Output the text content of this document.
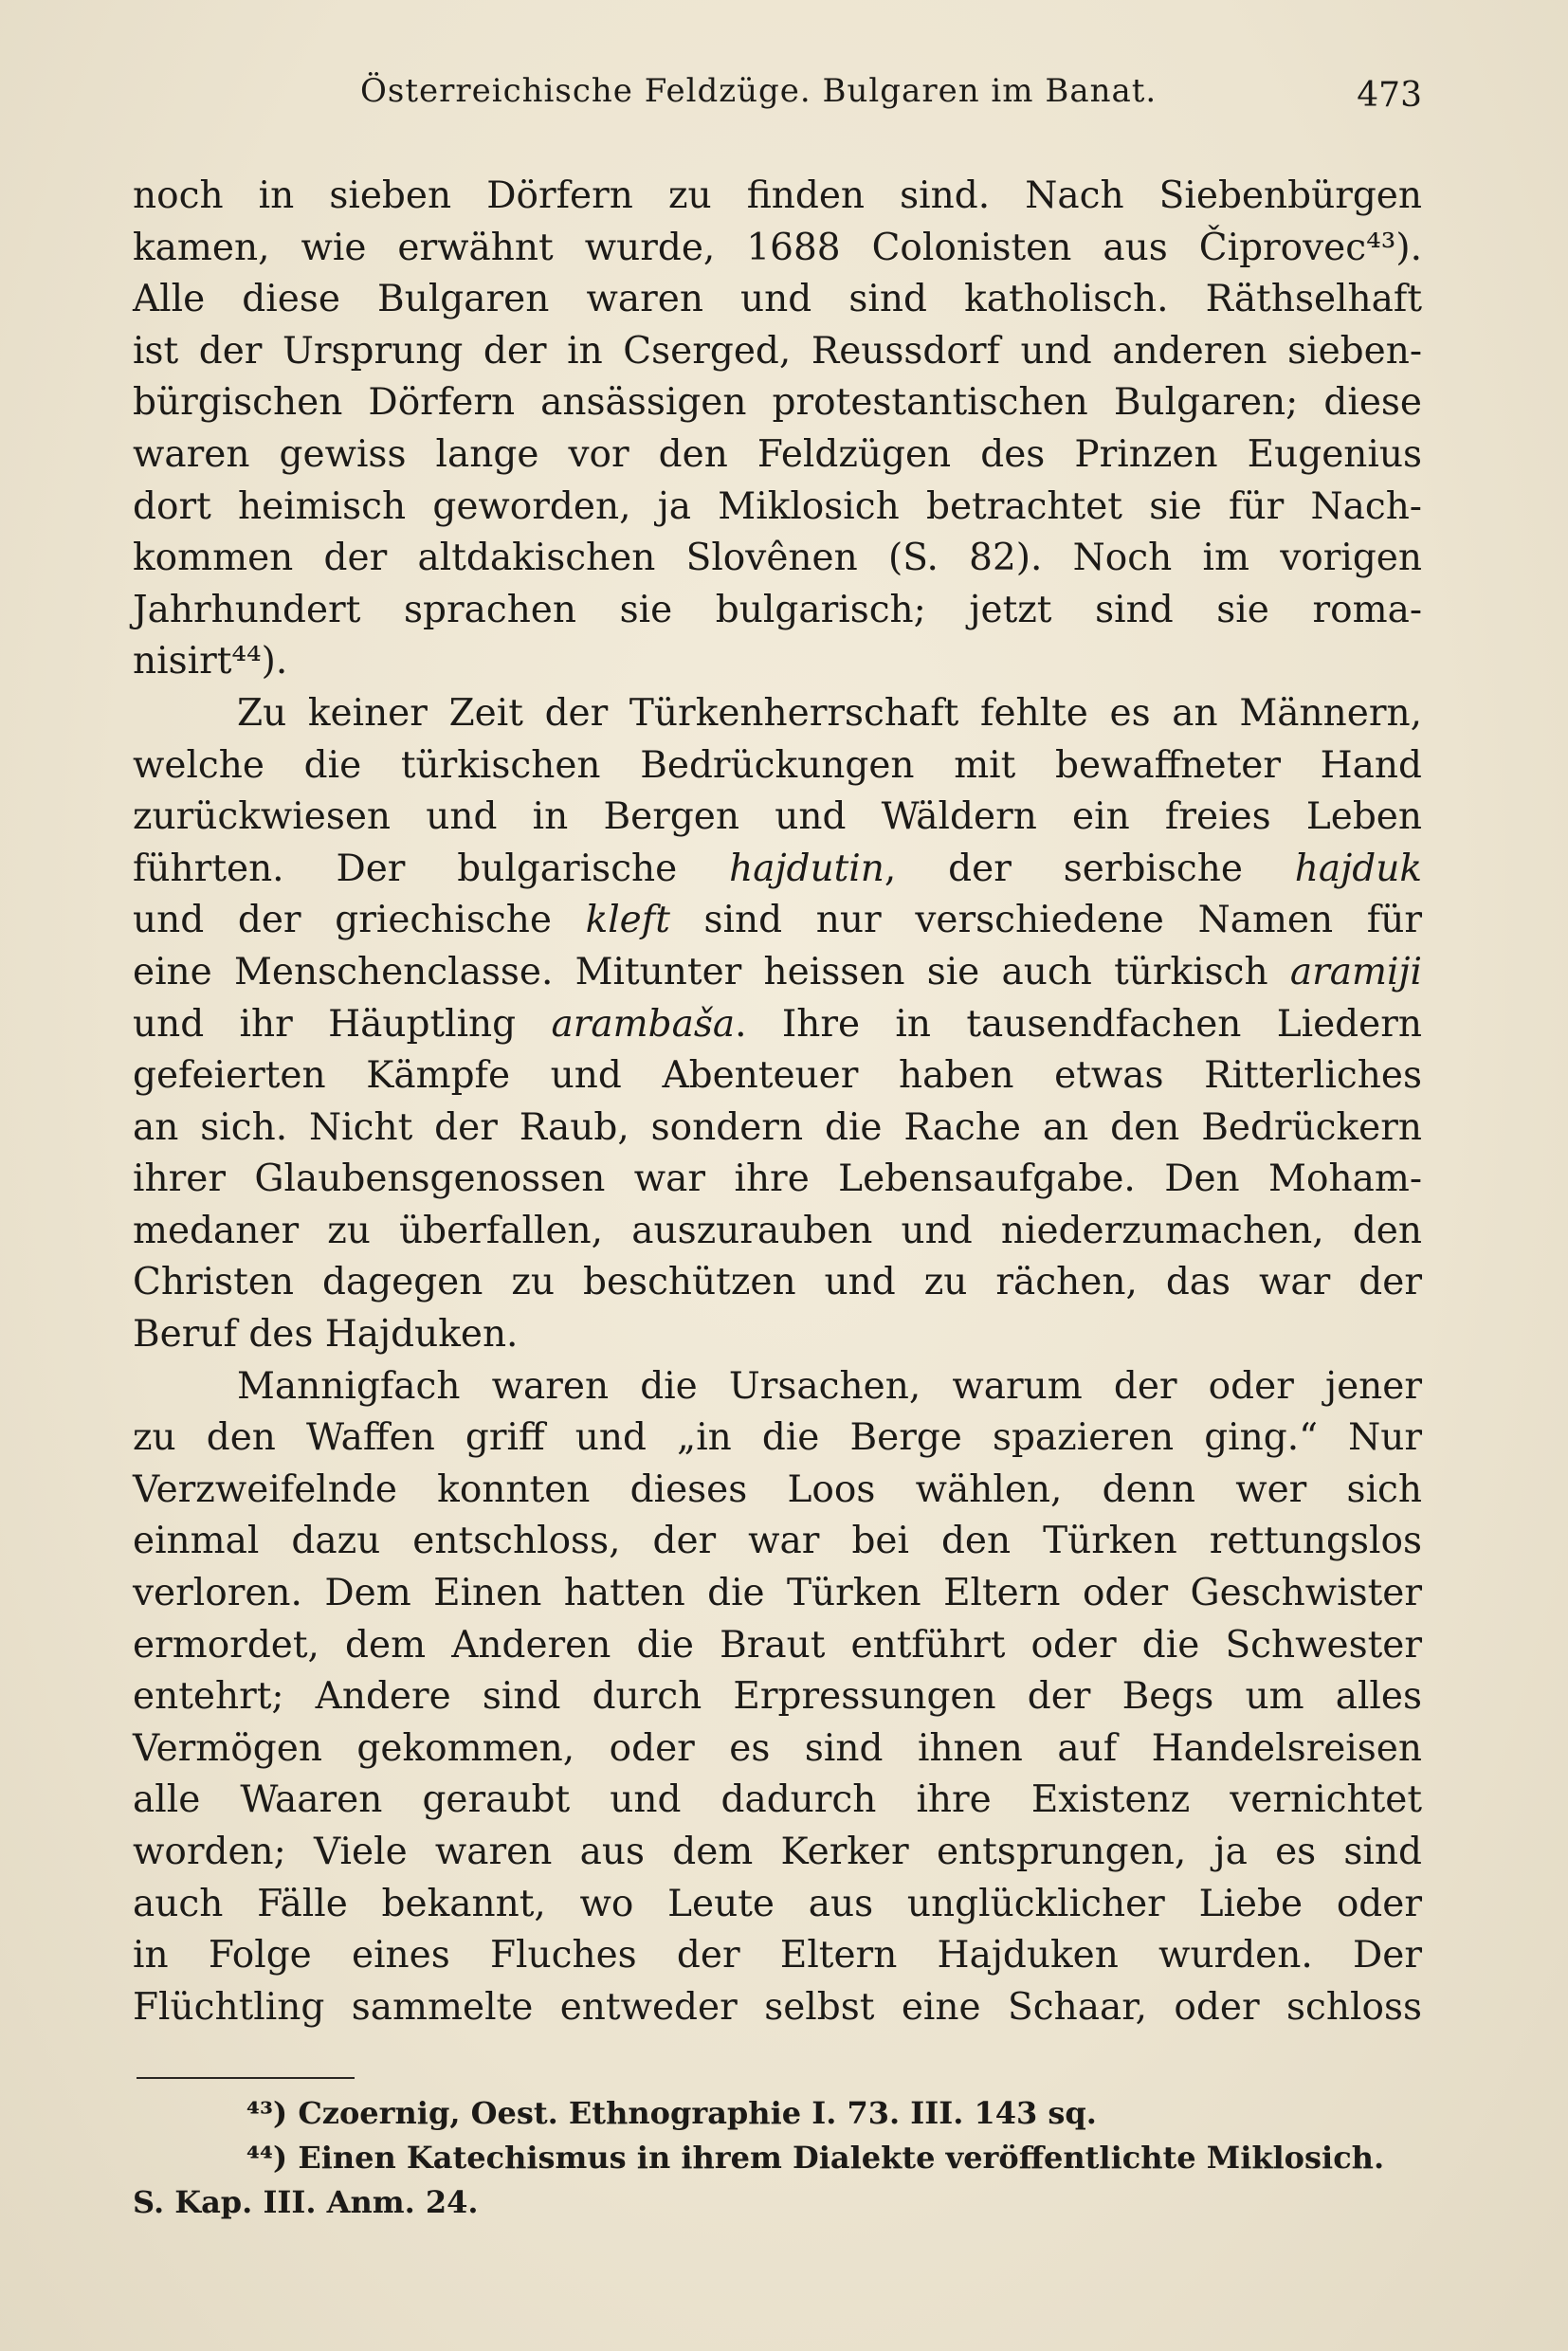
Österreichische Feldzüge. Bulgaren im Banat.	473

noch in sieben Dörfern zu finden sind. Nach Siebenbürgen

kamen, wie erwähnt wurde, 1688 Colonisten aus Čiprovec⁴³).

Alle diese Bulgaren waren und sind katholisch. Räthselhaft

ist der Ursprung der in Cserged, Reussdorf und anderen sieben-

bürgischen Dörfern ansässigen protestantischen Bulgaren; diese

waren gewiss lange vor den Feldzügen des Prinzen Eugenius

dort heimisch geworden, ja Miklosich betrachtet sie für Nach-

kommen der altdakischen Slovênen (S. 82). Noch im vorigen

Jahrhundert sprachen sie bulgarisch; jetzt sind sie roma-

nisirt⁴⁴).

Zu keiner Zeit der Türkenherrschaft fehlte es an Männern,

welche die türkischen Bedrückungen mit bewaffneter Hand

zurückwiesen und in Bergen und Wäldern ein freies Leben

führten. Der bulgarische hajdutin, der serbische hajduk

und der griechische kleft sind nur verschiedene Namen für

eine Menschenclasse. Mitunter heissen sie auch türkisch aramiji

und ihr Häuptling arambaša. Ihre in tausendfachen Liedern

gefeierten Kämpfe und Abenteuer haben etwas Ritterliches

an sich. Nicht der Raub, sondern die Rache an den Bedrückern

ihrer Glaubensgenossen war ihre Lebensaufgabe. Den Moham-

medaner zu überfallen, auszurauben und niederzumachen, den

Christen dagegen zu beschützen und zu rächen, das war der

Beruf des Hajduken.

Mannigfach waren die Ursachen, warum der oder jener

zu den Waffen griff und „in die Berge spazieren ging.“ Nur

Verzweifelnde konnten dieses Loos wählen, denn wer sich

einmal dazu entschloss, der war bei den Türken rettungslos

verloren. Dem Einen hatten die Türken Eltern oder Geschwister

ermordet, dem Anderen die Braut entführt oder die Schwester

entehrt; Andere sind durch Erpressungen der Begs um alles

Vermögen gekommen, oder es sind ihnen auf Handelsreisen

alle Waaren geraubt und dadurch ihre Existenz vernichtet

worden; Viele waren aus dem Kerker entsprungen, ja es sind

auch Fälle bekannt, wo Leute aus unglücklicher Liebe oder

in Folge eines Fluches der Eltern Hajduken wurden. Der

Flüchtling sammelte entweder selbst eine Schaar, oder schloss

⁴³) Czoernig, Oest. Ethnographie I. 73. III. 143 sq.

⁴⁴) Einen Katechismus in ihrem Dialekte veröffentlichte Miklosich.

S. Kap. III. Anm. 24.
